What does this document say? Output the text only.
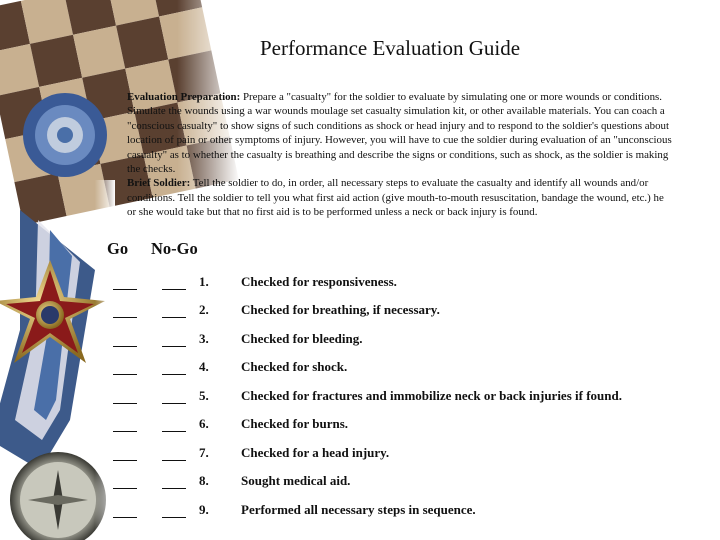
Performance Evaluation Guide
Evaluation Preparation: Prepare a "casualty" for the soldier to evaluate by simulating one or more wounds or conditions. Simulate the wounds using a war wounds moulage set casualty simulation kit, or other available materials. You can coach a "conscious casualty" to show signs of such conditions as shock or head injury and to respond to the soldier's questions about location of pain or other symptoms of injury. However, you will have to cue the soldier during evaluation of an "unconscious casualty" as to whether the casualty is breathing and describe the signs or conditions, such as shock, as the soldier is making the checks.
Brief Soldier: Tell the soldier to do, in order, all necessary steps to evaluate the casualty and identify all wounds and/or conditions. Tell the soldier to tell you what first aid action (give mouth-to-mouth resuscitation, bandage the wound, etc.) he or she would take but that no first aid is to be performed unless a neck or back injury is found.
Go No-Go
1. Checked for responsiveness.
2. Checked for breathing, if necessary.
3. Checked for bleeding.
4. Checked for shock.
5. Checked for fractures and immobilize neck or back injuries if found.
6. Checked for burns.
7. Checked for a head injury.
8. Sought medical aid.
9. Performed all necessary steps in sequence.
